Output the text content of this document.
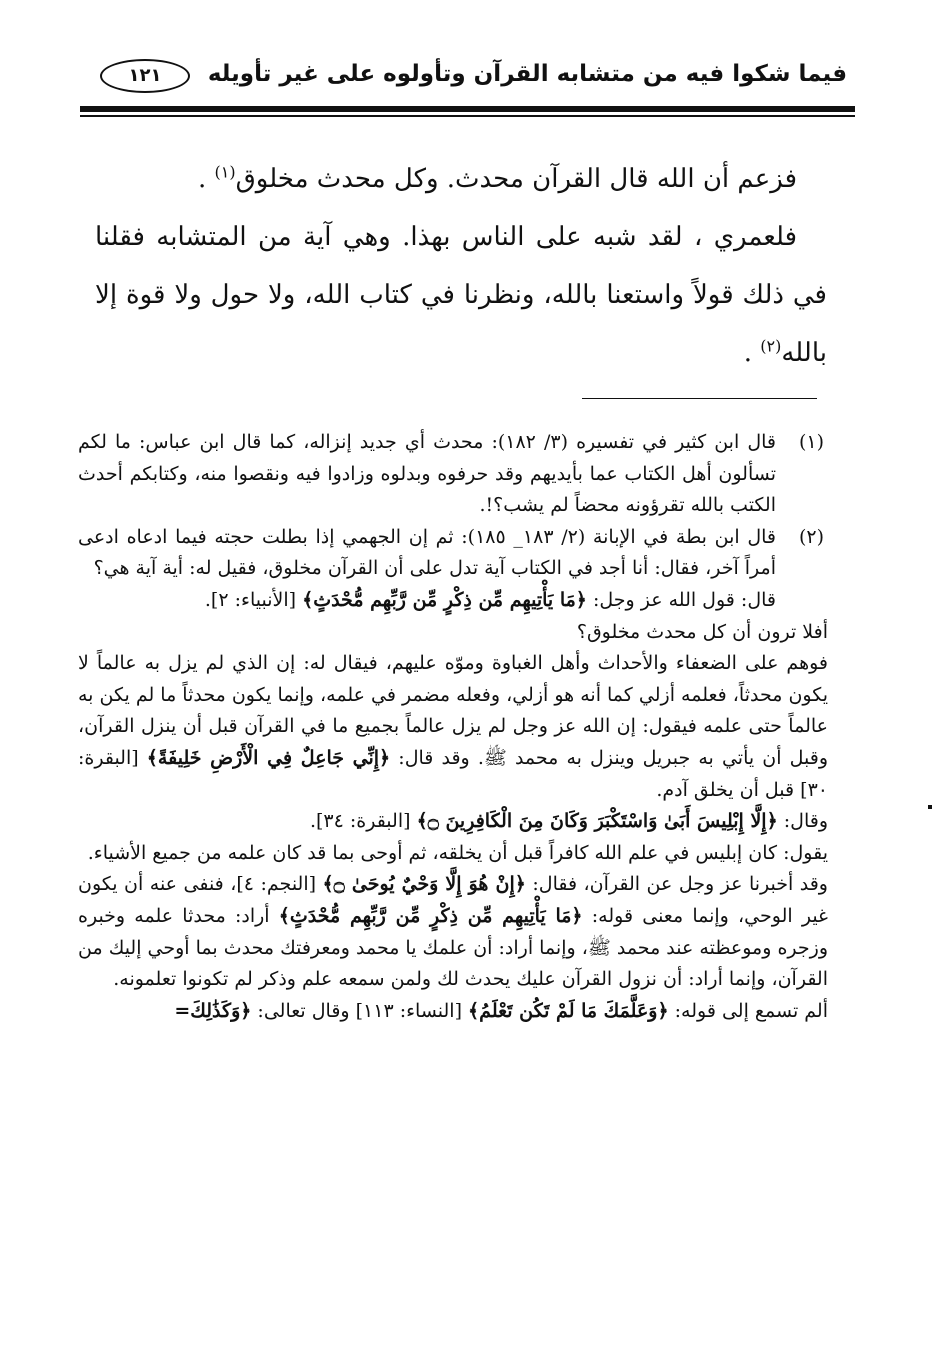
فيما شكوا فيه من متشابه القرآن وتأولوه على غير تأويله
١٢١

فزعم أن الله قال القرآن محدث. وكل محدث مخلوق$^{(١)}$ .

فلعمري ، لقد شبه على الناس بهذا. وهي آية من المتشابه فقلنا في ذلك قولاً واستعنا بالله، ونظرنا في كتاب الله، ولا حول ولا قوة إلا بالله$^{(٢)}$ .

(١)

قال ابن كثير في تفسيره (٣/ ١٨٢): محدث أي جديد إنزاله، كما قال ابن عباس: ما لكم تسألون أهل الكتاب عما بأيديهم وقد حرفوه وبدلوه وزادوا فيه ونقصوا منه، وكتابكم أحدث الكتب بالله تقرؤونه محضاً لم يشب؟!.

(٢)

قال ابن بطة في الإبانة (٢/ ١٨٣_ ١٨٥): ثم إن الجهمي إذا بطلت حجته فيما ادعاه ادعى أمراً آخر، فقال: أنا أجد في الكتاب آية تدل على أن القرآن مخلوق، فقيل له: أية آية هي؟

قال: قول الله عز وجل: ﴿مَا يَأْتِيهِم مِّن ذِكْرٍ مِّن رَّبِّهِم مُّحْدَثٍ﴾ [الأنبياء: ٢].

أفلا ترون أن كل محدث مخلوق؟

فوهم على الضعفاء والأحداث وأهل الغباوة وموّه عليهم، فيقال له: إن الذي لم يزل به عالماً لا يكون محدثاً، فعلمه أزلي كما أنه هو أزلي، وفعله مضمر في علمه، وإنما يكون محدثاً ما لم يكن به عالماً حتى علمه فيقول: إن الله عز وجل لم يزل عالماً بجميع ما في القرآن قبل أن ينزل القرآن، وقبل أن يأتي به جبريل وينزل به محمد ﷺ. وقد قال: ﴿إِنِّي جَاعِلٌ فِي الْأَرْضِ خَلِيفَةً﴾ [البقرة: ٣٠] قبل أن يخلق آدم.

وقال: ﴿إِلَّا إِبْلِيسَ أَبَىٰ وَاسْتَكْبَرَ وَكَانَ مِنَ الْكَافِرِينَ ۝﴾ [البقرة: ٣٤].

يقول: كان إبليس في علم الله كافراً قبل أن يخلقه، ثم أوحى بما قد كان علمه من جميع الأشياء.

وقد أخبرنا عز وجل عن القرآن، فقال: ﴿إِنْ هُوَ إِلَّا وَحْيٌ يُوحَىٰ ۝﴾ [النجم: ٤]، فنفى عنه أن يكون غير الوحي، وإنما معنى قوله: ﴿مَا يَأْتِيهِم مِّن ذِكْرٍ مِّن رَّبِّهِم مُّحْدَثٍ﴾ أراد: محدثا علمه وخبره وزجره وموعظته عند محمد ﷺ، وإنما أراد: أن علمك يا محمد ومعرفتك محدث بما أوحي إليك من القرآن، وإنما أراد: أن نزول القرآن عليك يحدث لك ولمن سمعه علم وذكر لم تكونوا تعلمونه.

ألم تسمع إلى قوله: ﴿وَعَلَّمَكَ مَا لَمْ تَكُن تَعْلَمُ﴾ [النساء: ١١٣] وقال تعالى: ﴿وَكَذَٰلِكَ=
